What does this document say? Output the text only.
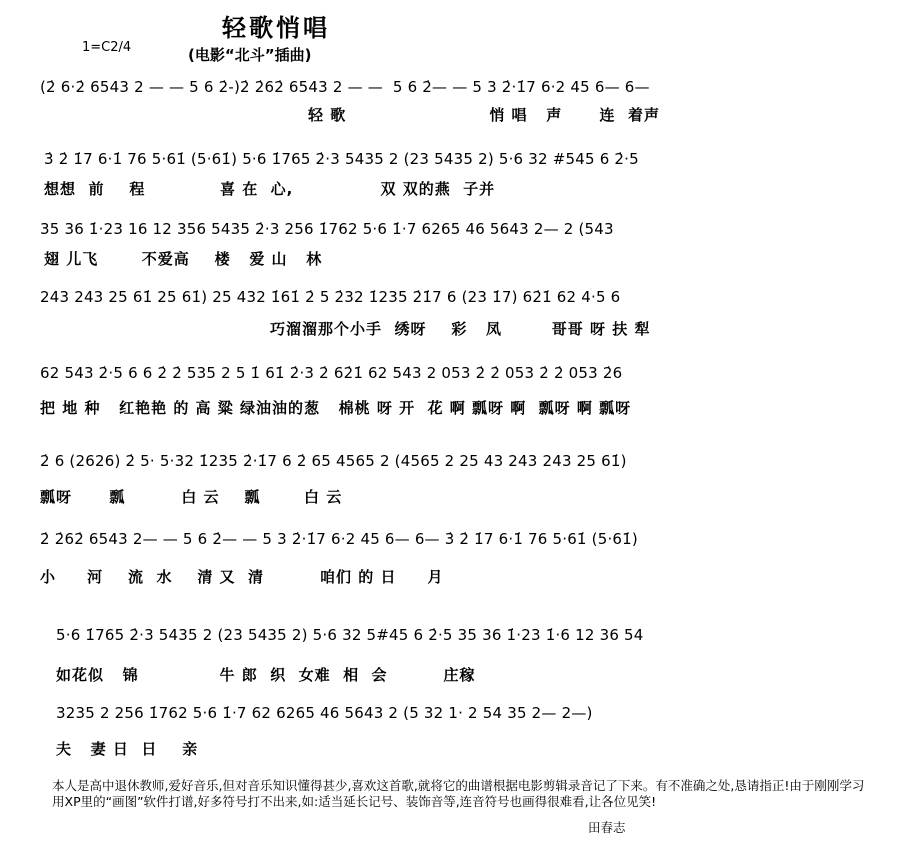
轻歌悄唱
1=C2/4	(电影“北斗”插曲)
(2̇ 6·2̇ 6543 2 — — 5 6 2̇-)2̇ 2̇62̇ 6543 2 — —  5 6 2̇— — 5 3 2̇·1̇7 6·2 45 6— 6—
轻 歌                       悄 唱   声      连  着声
3̇ 2̇ 1̇7 6·1̇ 76 5·61̇ (5·61̇) 5·6 1̇765 2̇·3 5435 2 (23 5435 2) 5·6 32 #545 6 2̇·5
想想  前    程            喜 在  心,              双 双的燕  子并
35 36 1̇·23 16 12 356 5435 2̇·3 256 1̇762 5·6 1̇·7 6265 46 5643 2— 2 (543
翅 儿飞       不爱高    楼   爱 山   林
243 243 25 61̇ 25 61̇) 25 432 1̇61̇ 2̇ 5 2̇32 1̇235 2̇1̇7 6 (23 1̇7) 62̇1̇ 62 4·5 6
巧溜溜那个小手  绣呀    彩   凤        哥哥 呀 扶 犁
62 543 2̇·5 6 6 2̇ 2̇ 535 2 5 1̇ 61̇ 2̇·3 2̇ 62̇1̇ 62 543 2 053 2̇ 2̇ 053 2̇ 2̇ 053 2̇6
把 地 种   红艳艳 的 高 粱 绿油油的葱   棉桃 呀 开  花 啊 瓢呀 啊  瓢呀 啊 瓢呀
2̇ 6 (2626) 2̇ 5· 5·32 1̇235 2̇·1̇7 6 2̇ 65 4565 2 (4565 2 25 43 243 243 25 61̇)
瓢呀      瓢         白 云    瓢       白 云
2̇ 2̇62̇ 6543 2— — 5 6 2̇— — 5 3 2̇·1̇7 6·2 45 6— 6— 3̇ 2̇ 1̇7 6·1̇ 76 5·61̇ (5·61̇)
小     河    流  水    清 又  清         咱们 的 日     月
5·6 1̇765 2̇·3 5435 2 (23 5435 2) 5·6 32 5#45 6 2̇·5 35 36 1̇·23 1̇·6 12 36 54
如花似   锦             牛 郎  织  女难  相  会         庄稼
3235 2 256 1̇762 5·6 1̇·7 62 6265 46 5643 2 (5 32 1· 2 54 35 2— 2—)
夫   妻 日  日    亲
本人是高中退休教师,爱好音乐,但对音乐知识懂得甚少,喜欢这首歌,就将它的曲谱根据电影剪辑录音记了下来。有不准确之处,恳请指正!由于刚刚学习用XP里的“画图”软件打谱,好多符号打不出来,如:适当延长记号、装饰音等,连音符号也画得很难看,让各位见笑!
田春志
